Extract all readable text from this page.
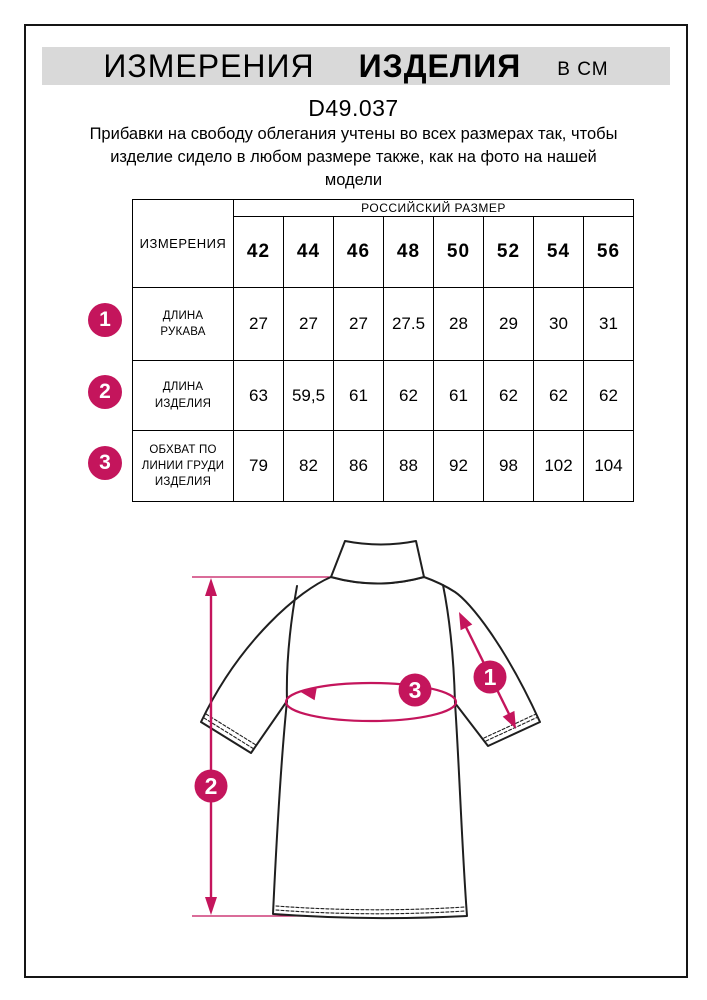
ИЗМЕРЕНИЯ ИЗДЕЛИЯ В СМ
D49.037
Прибавки на свободу облегания учтены во всех размерах так, чтобы изделие сидело в любом размере также, как на фото на нашей модели
ИЗМЕРЕНИЯ	РОССИЙСКИЙ РАЗМЕР							
	42	44	46	48	50	52	54	56
ДЛИНА РУКАВА	27	27	27	27.5	28	29	30	31
ДЛИНА ИЗДЕЛИЯ	63	59,5	61	62	61	62	62	62
ОБХВАТ ПО ЛИНИИ ГРУДИ ИЗДЕЛИЯ	79	82	86	88	92	98	102	104
1
2
3
1
2
3
